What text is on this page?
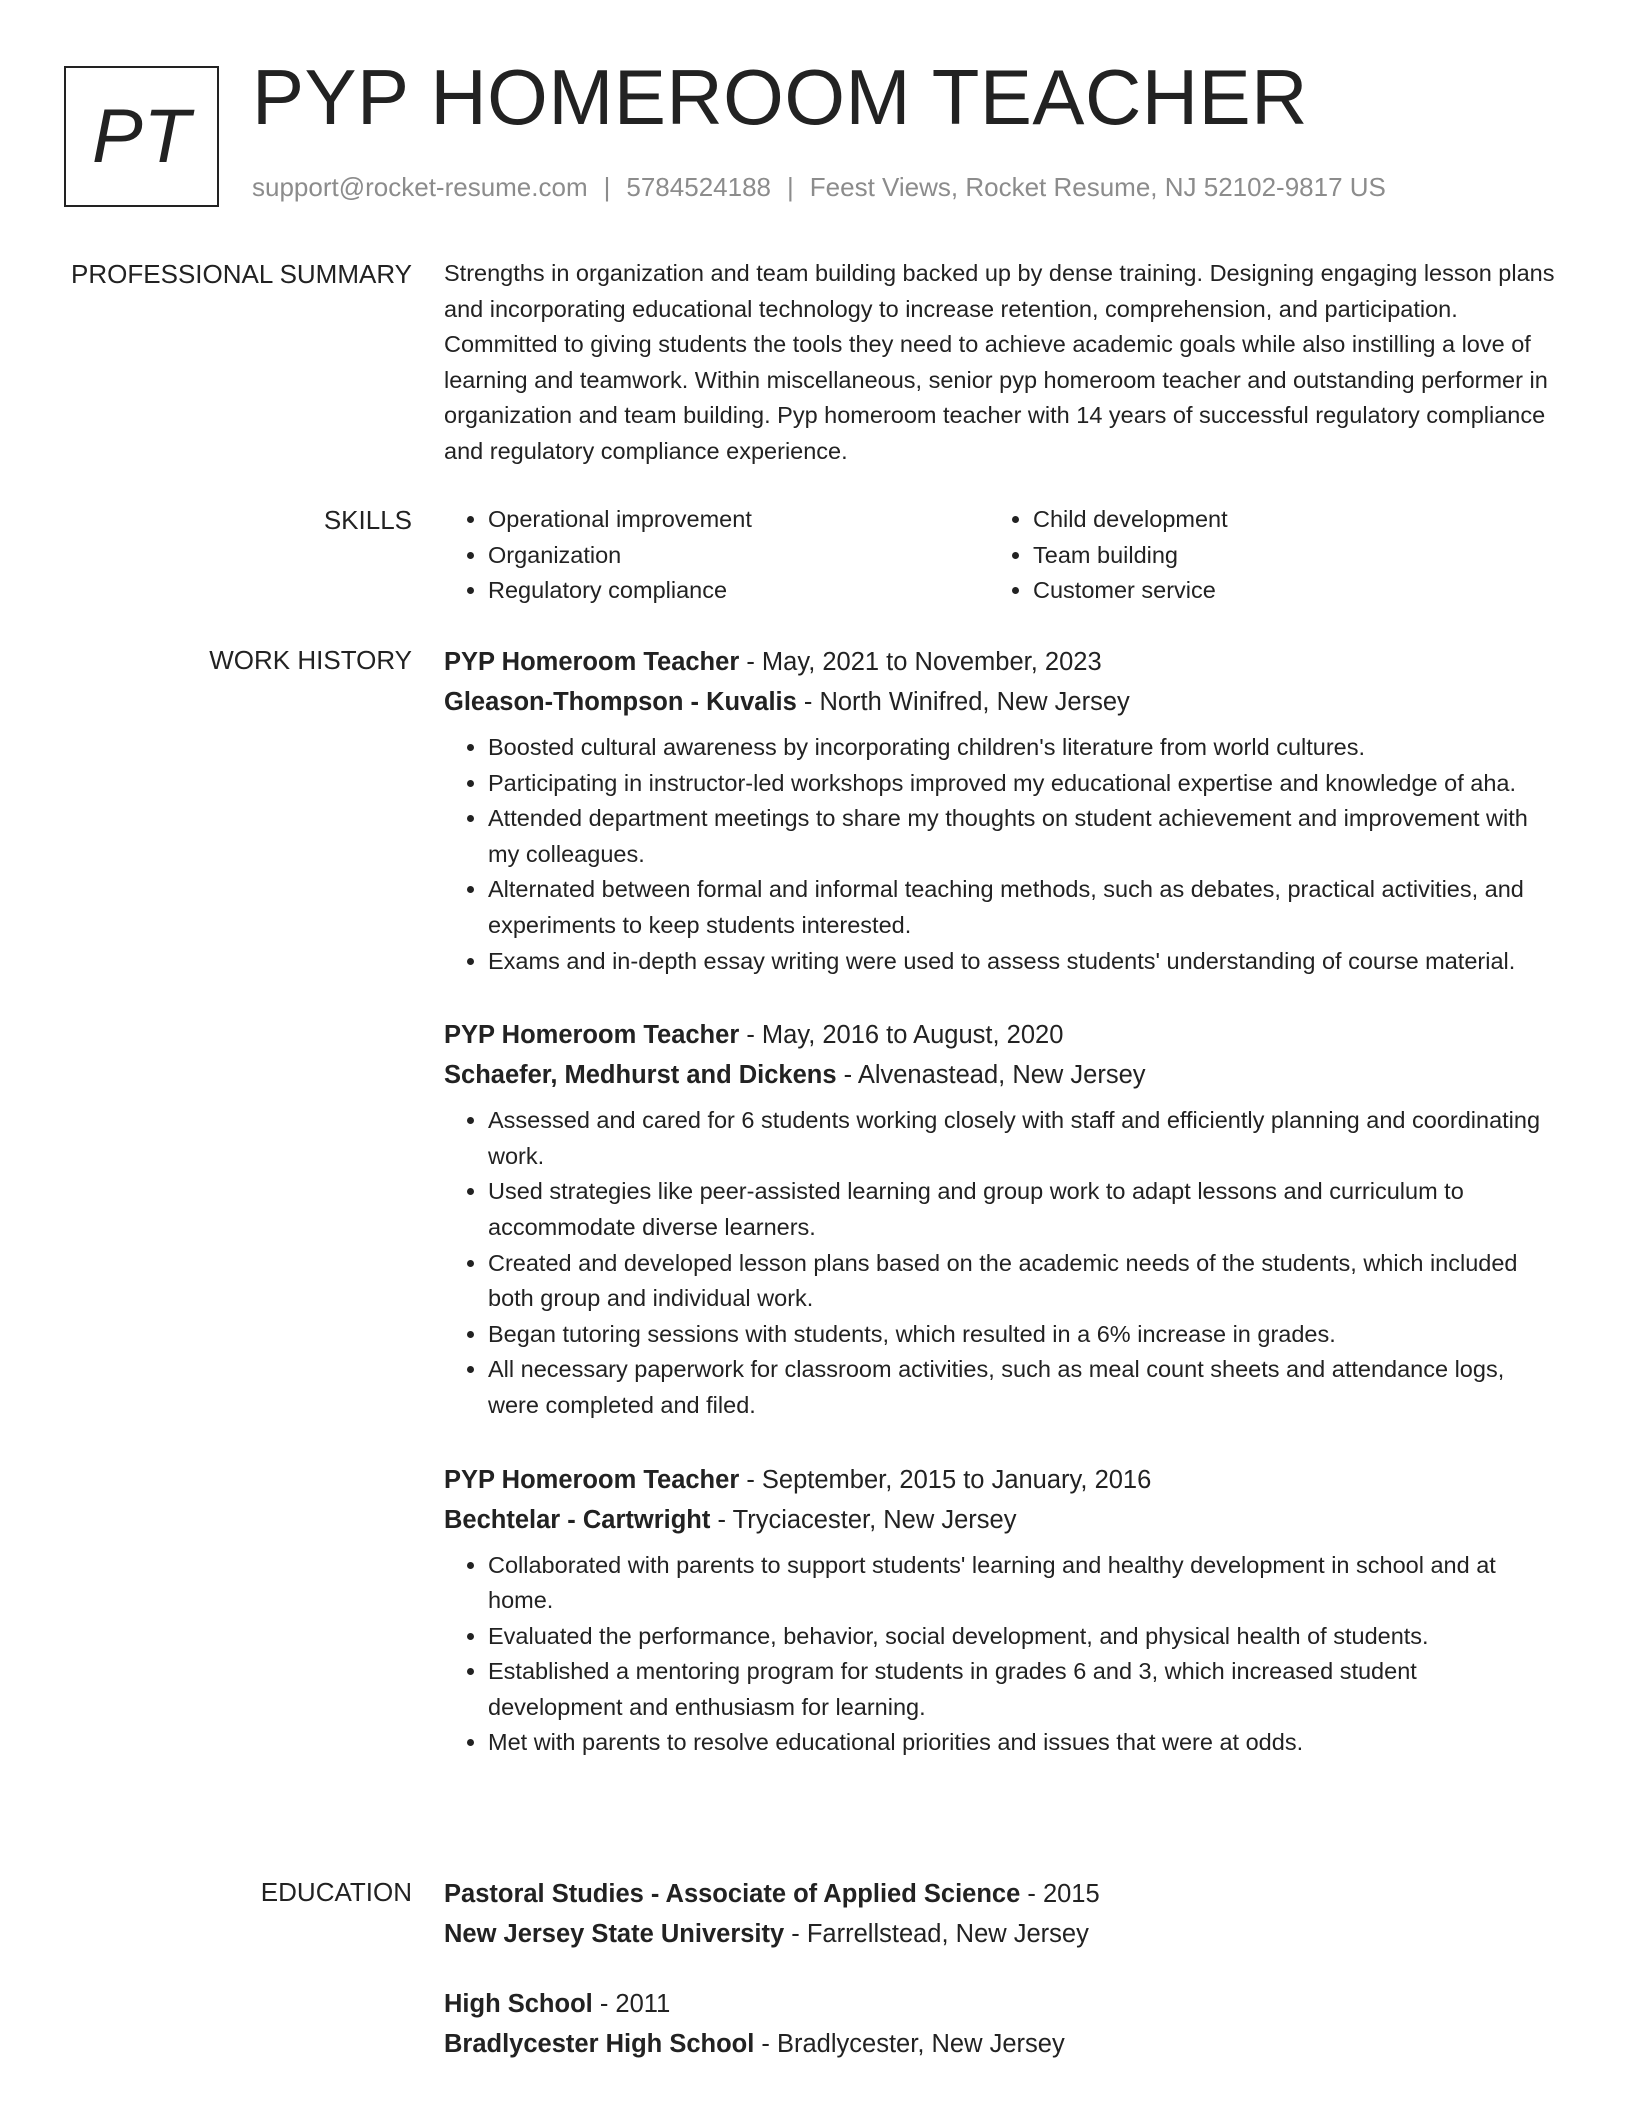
PT PYP HOMEROOM TEACHER
support@rocket-resume.com | 5784524188 | Feest Views, Rocket Resume, NJ 52102-9817 US
PROFESSIONAL SUMMARY Strengths in organization and team building backed up by dense training. Designing engaging lesson plans and incorporating educational technology to increase retention, comprehension, and participation. Committed to giving students the tools they need to achieve academic goals while also instilling a love of learning and teamwork. Within miscellaneous, senior pyp homeroom teacher and outstanding performer in organization and team building. Pyp homeroom teacher with 14 years of successful regulatory compliance and regulatory compliance experience.

SKILLS
•	Operational improvement
• Organization
• Regulatory compliance
• Child development
• Team building
• Customer service
WORK HISTORY PYP Homeroom Teacher - May, 2021 to November, 2023
Gleason-Thompson - Kuvalis - North Winifred, New Jersey
• Boosted cultural awareness by incorporating children's literature from world cultures.
• Participating in instructor-led workshops improved my educational expertise and knowledge of aha.
• Attended department meetings to share my thoughts on student achievement and improvement with my colleagues.
• Alternated between formal and informal teaching methods, such as debates, practical activities, and experiments to keep students interested.
• Exams and in-depth essay writing were used to assess students' understanding of course material.
PYP Homeroom Teacher - May, 2016 to August, 2020
Schaefer, Medhurst and Dickens - Alvenastead, New Jersey
• Assessed and cared for 6 students working closely with staff and efficiently planning and coordinating work.
• Used strategies like peer-assisted learning and group work to adapt lessons and curriculum to accommodate diverse learners.
• Created and developed lesson plans based on the academic needs of the students, which included both group and individual work.
• Began tutoring sessions with students, which resulted in a 6% increase in grades.
• All necessary paperwork for classroom activities, such as meal count sheets and attendance logs, were completed and filed.
PYP Homeroom Teacher - September, 2015 to January, 2016
Bechtelar - Cartwright - Tryciacester, New Jersey
• Collaborated with parents to support students' learning and healthy development in school and at home.
• Evaluated the performance, behavior, social development, and physical health of students.
• Established a mentoring program for students in grades 6 and 3, which increased student development and enthusiasm for learning.
• Met with parents to resolve educational priorities and issues that were at odds.
EDUCATION Pastoral Studies - Associate of Applied Science - 2015
New Jersey State University - Farrellstead, New Jersey
High School - 2011
Bradlycester High School - Bradlycester, New Jersey
